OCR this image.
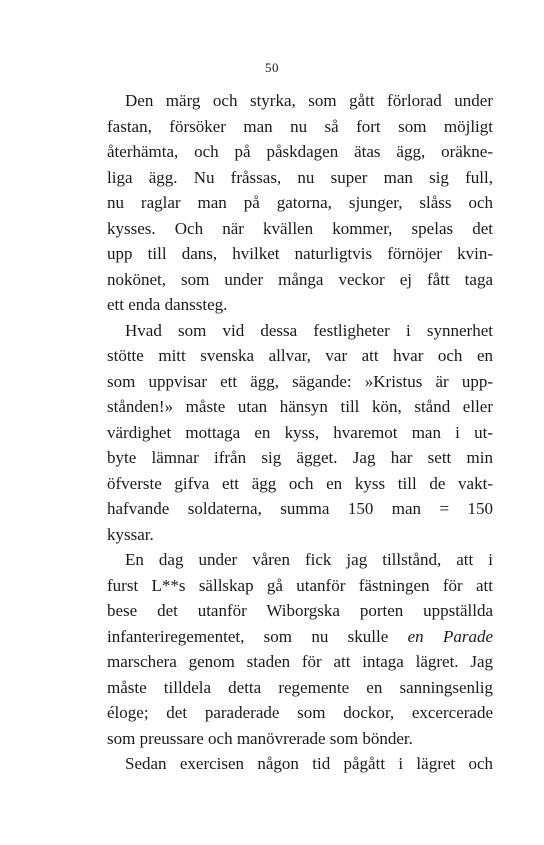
50
Den märg och styrka, som gått förlorad under
fastan, försöker man nu så fort som möjligt
återhämta, och på påskdagen ätas ägg, oräkne-
liga ägg. Nu fråssas, nu super man sig full,
nu raglar man på gatorna, sjunger, slåss och
kysses. Och när kvällen kommer, spelas det
upp till dans, hvilket naturligtvis förnöjer kvin-
nokönet, som under många veckor ej fått taga
ett enda danssteg.
Hvad som vid dessa festligheter i synnerhet
stötte mitt svenska allvar, var att hvar och en
som uppvisar ett ägg, sägande: »Kristus är upp-
stånden!» måste utan hänsyn till kön, stånd eller
värdighet mottaga en kyss, hvaremot man i ut-
byte lämnar ifrån sig ägget. Jag har sett min
öfverste gifva ett ägg och en kyss till de vakt-
hafvande soldaterna, summa 150 man = 150
kyssar.
En dag under våren fick jag tillstånd, att i
furst L**s sällskap gå utanför fästningen för att
bese det utanför Wiborgska porten uppställda
infanteriregementet, som nu skulle en Parade
marschera genom staden för att intaga lägret. Jag
måste tilldela detta regemente en sanningsenlig
éloge; det paraderade som dockor, excercerade
som preussare och manövrerade som bönder.
Sedan exercisen någon tid pågått i lägret och
